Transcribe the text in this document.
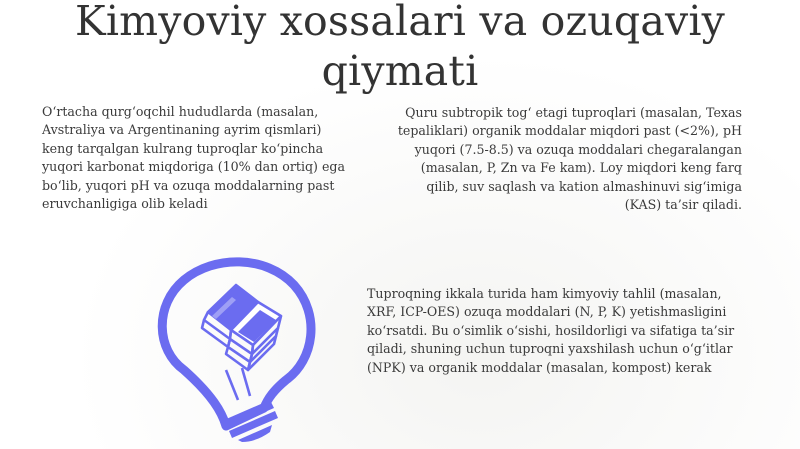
Kimyoviy xossalari va ozuqaviy qiymati
O‘rtacha qurg‘oqchil hududlarda (masalan, Avstraliya va Argentinaning ayrim qismlari) keng tarqalgan kulrang tuproqlar ko‘pincha yuqori karbonat miqdoriga (10% dan ortiq) ega bo‘lib, yuqori pH va ozuqa moddalarning past eruvchanligiga olib keladi
Quru subtropik tog‘ etagi tuproqlari (masalan, Texas tepaliklari) organik moddalar miqdori past (<2%), pH yuqori (7.5-8.5) va ozuqa moddalari chegaralangan (masalan, P, Zn va Fe kam). Loy miqdori keng farq qilib, suv saqlash va kation almashinuvi sig‘imiga (KAS) ta’sir qiladi.
Tuproqning ikkala turida ham kimyoviy tahlil (masalan, XRF, ICP-OES) ozuqa moddalari (N, P, K) yetishmasligini ko‘rsatdi. Bu o‘simlik o‘sishi, hosildorligi va sifatiga ta’sir qiladi, shuning uchun tuproqni yaxshilash uchun o‘g‘itlar (NPK) va organik moddalar (masalan, kompost) kerak
